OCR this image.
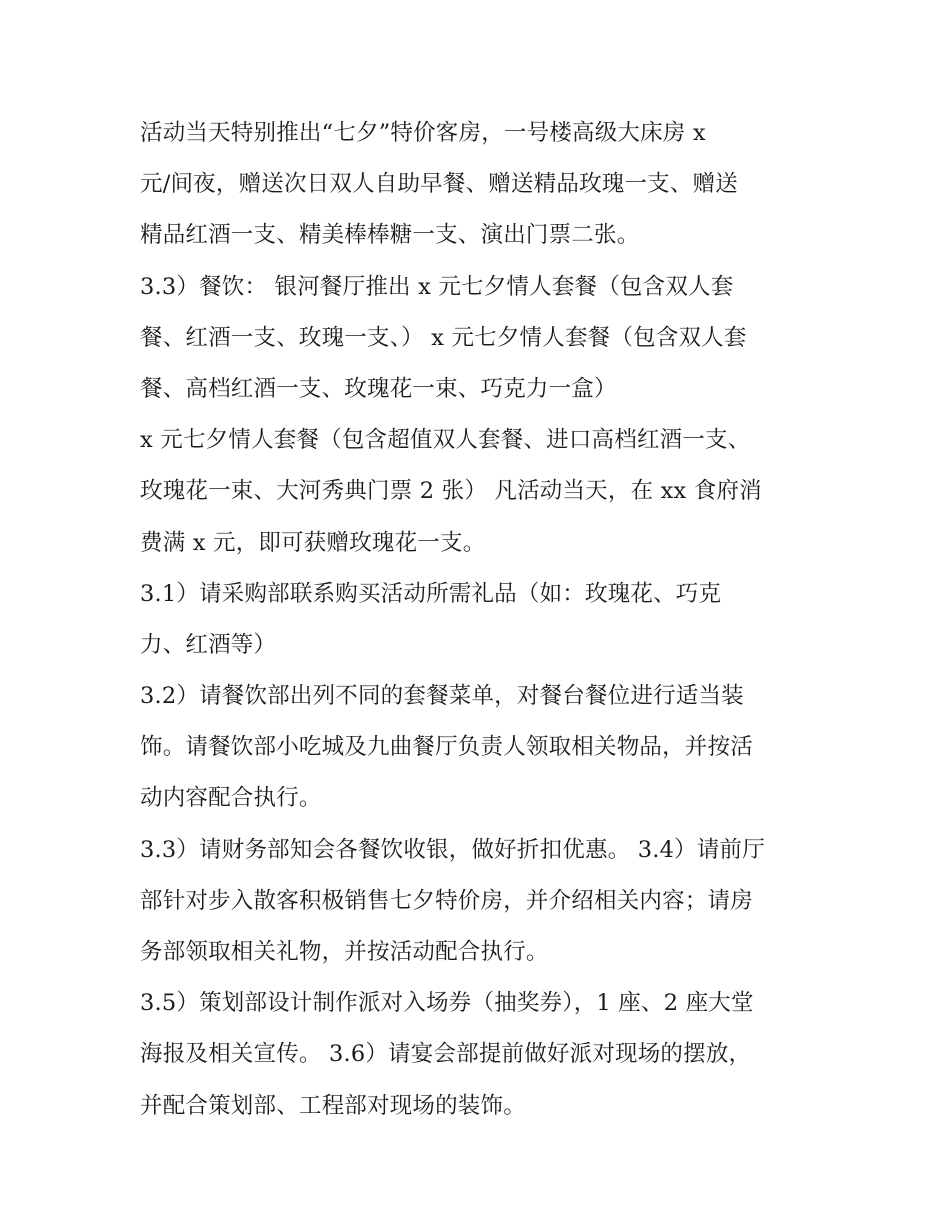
活动当天特别推出“七夕”特价客房，一号楼高级大床房 x
元/间夜，赠送次日双人自助早餐、赠送精品玫瑰一支、赠送
精品红酒一支、精美棒棒糖一支、演出门票二张。
3.3）餐饮： 银河餐厅推出 x 元七夕情人套餐（包含双人套
餐、红酒一支、玫瑰一支、） x 元七夕情人套餐（包含双人套
餐、高档红酒一支、玫瑰花一束、巧克力一盒）
x 元七夕情人套餐（包含超值双人套餐、进口高档红酒一支、
玫瑰花一束、大河秀典门票 2 张） 凡活动当天，在 xx 食府消
费满 x 元，即可获赠玫瑰花一支。
3.1）请采购部联系购买活动所需礼品（如：玫瑰花、巧克
力、红酒等）
3.2）请餐饮部出列不同的套餐菜单，对餐台餐位进行适当装
饰。请餐饮部小吃城及九曲餐厅负责人领取相关物品，并按活
动内容配合执行。
3.3）请财务部知会各餐饮收银，做好折扣优惠。 3.4）请前厅
部针对步入散客积极销售七夕特价房，并介绍相关内容；请房
务部领取相关礼物，并按活动配合执行。
3.5）策划部设计制作派对入场券（抽奖券），1 座、2 座大堂
海报及相关宣传。 3.6）请宴会部提前做好派对现场的摆放，
并配合策划部、工程部对现场的装饰。
